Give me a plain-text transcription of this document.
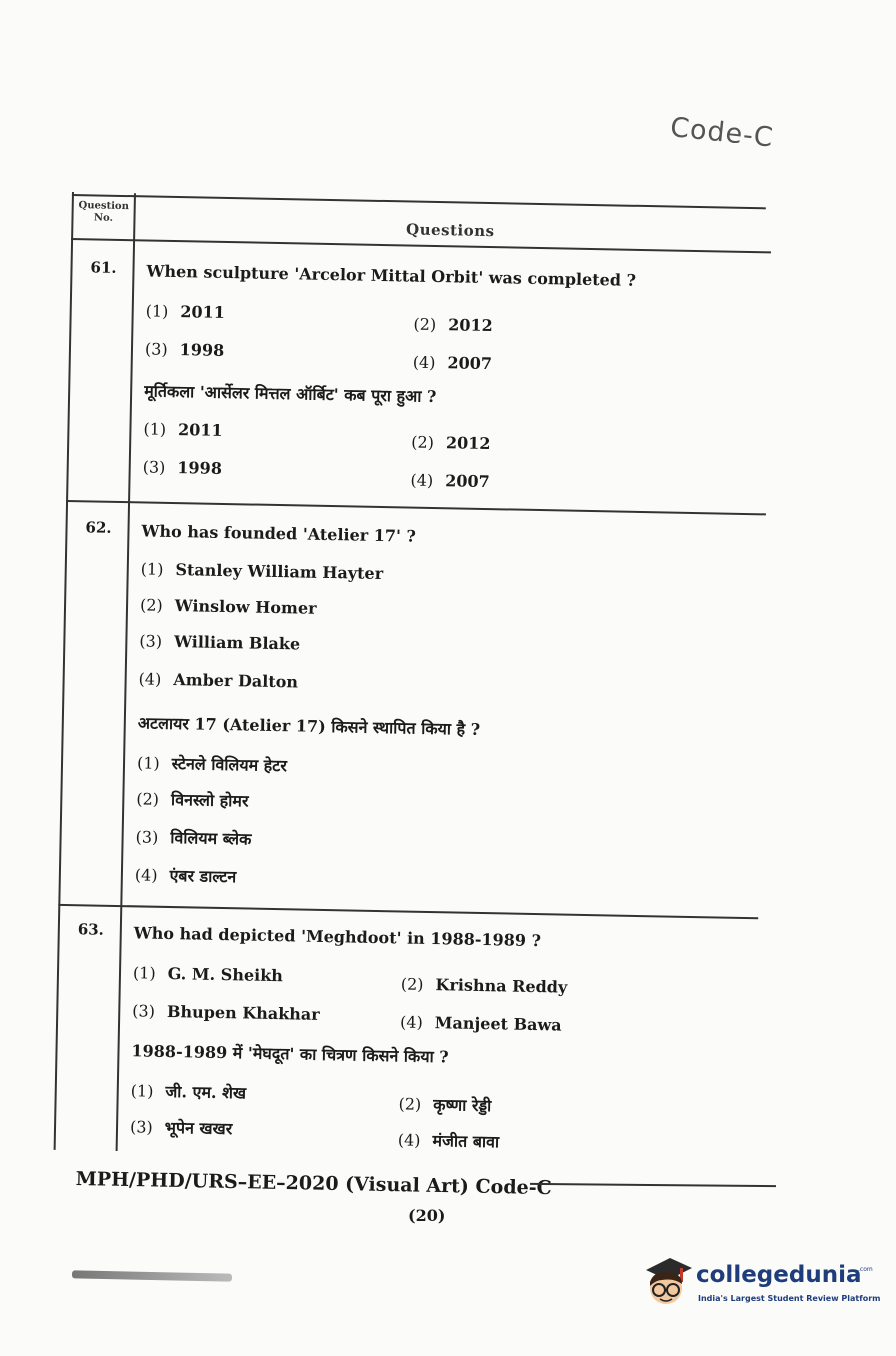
Code-C
Question No.
Questions
61.	When sculpture 'Arcelor Mittal Orbit' was completed ?
(1) 2011
(2) 2012
(3) 1998
(4) 2007
मूर्तिकला 'आर्सेलर मित्तल ऑर्बिट' कब पूरा हुआ ?
(1) 2011
(2) 2012
(3) 1998
(4) 2007
62.	Who has founded 'Atelier 17' ?
(1) Stanley William Hayter
(2) Winslow Homer
(3) William Blake
(4) Amber Dalton
अटलायर 17 (Atelier 17) किसने स्थापित किया है ?
(1) स्टेनले विलियम हेटर
(2) विनस्लो होमर
(3) विलियम ब्लेक
(4) एंबर डाल्टन
63.	Who had depicted 'Meghdoot' in 1988-1989 ?
(1) G. M. Sheikh	(2) Krishna Reddy
(3) Bhupen Khakhar	(4) Manjeet Bawa
1988-1989 में 'मेघदूत' का चित्रण किसने किया ?
(1) जी. एम. शेख
(2) कृष्णा रेड्डी
(3) भूपेन खखर
(4) मंजीत बावा
MPH/PHD/URS–EE–2020 (Visual Art) Code-C
(20)
collegedunia
.com
India's Largest Student Review Platform
